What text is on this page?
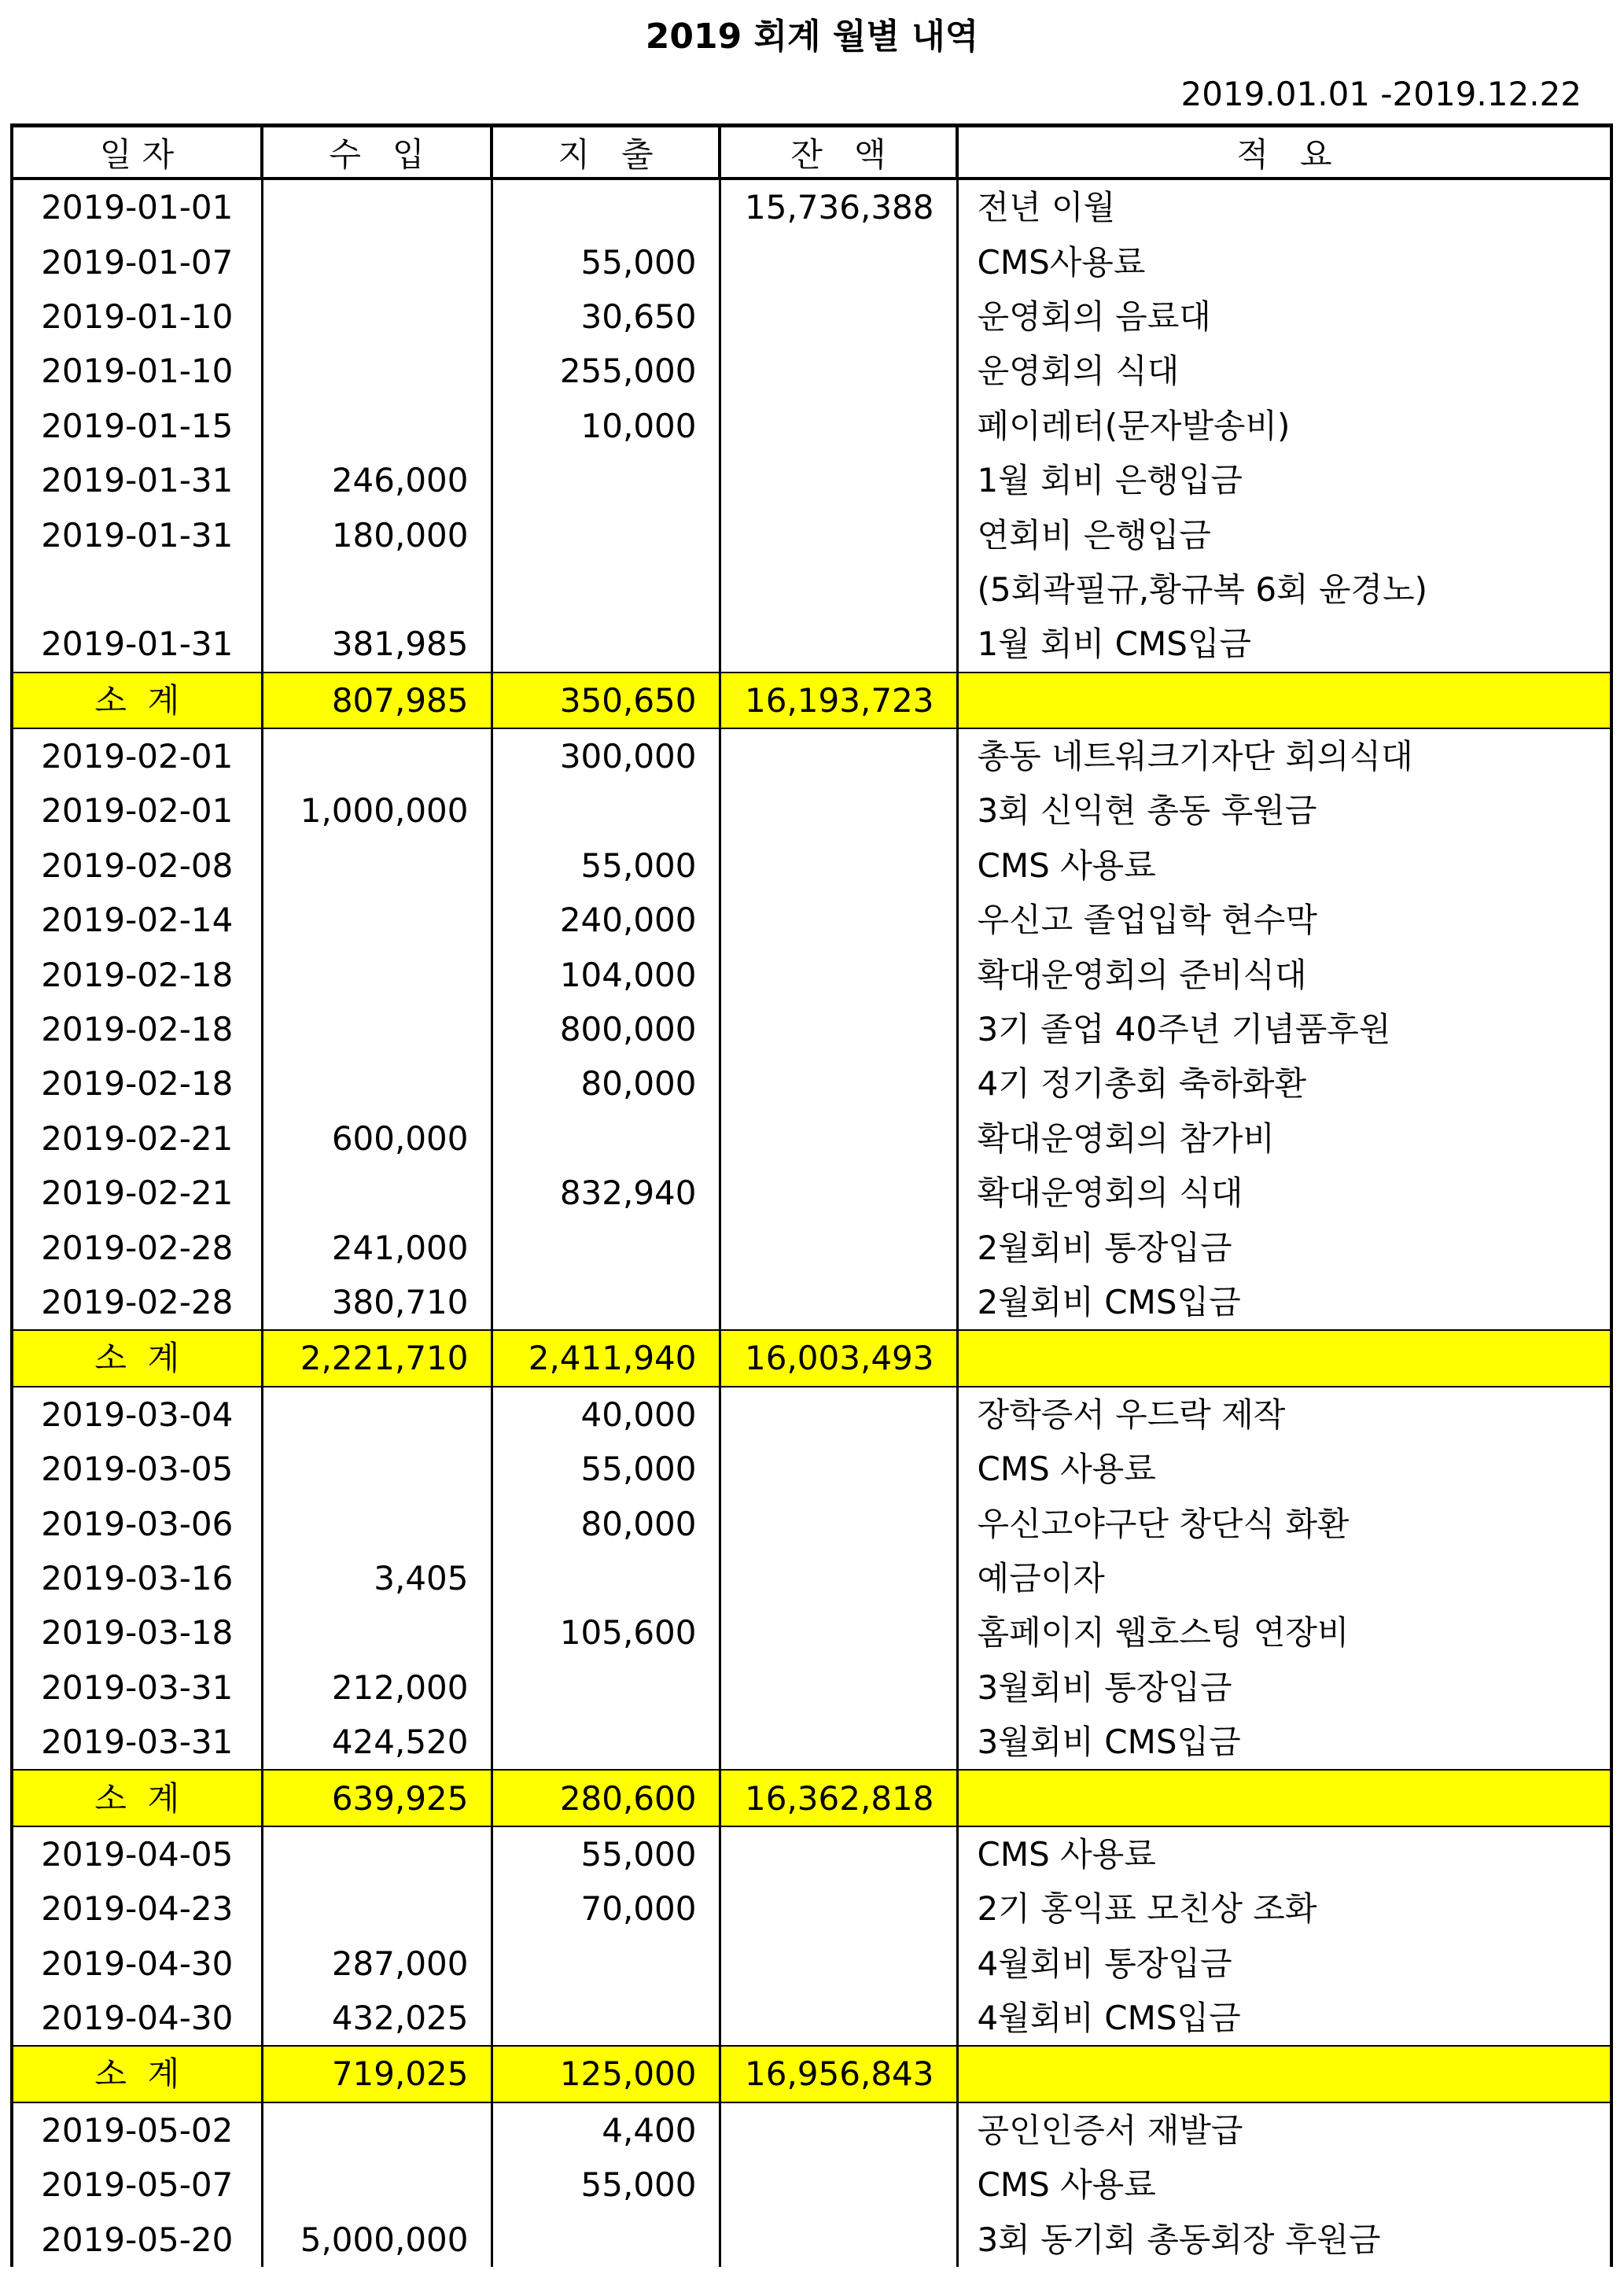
2019 회계 월별 내역
2019.01.01 -2019.12.22
일 자	수   입	지   출	잔   액	적   요
2019-01-01			15,736,388	전년 이월
2019-01-07		55,000		CMS사용료
2019-01-10		30,650		운영회의 음료대
2019-01-10		255,000		운영회의 식대
2019-01-15		10,000		페이레터(문자발송비)
2019-01-31	246,000			1월 회비 은행입금
2019-01-31	180,000			연회비 은행입금
				(5회곽필규,황규복 6회 윤경노)
2019-01-31	381,985			1월 회비 CMS입금
소  계	807,985	350,650	16,193,723	
2019-02-01		300,000		총동 네트워크기자단 회의식대
2019-02-01	1,000,000			3회 신익현 총동 후원금
2019-02-08		55,000		CMS 사용료
2019-02-14		240,000		우신고 졸업입학 현수막
2019-02-18		104,000		확대운영회의 준비식대
2019-02-18		800,000		3기 졸업 40주년 기념품후원
2019-02-18		80,000		4기 정기총회 축하화환
2019-02-21	600,000			확대운영회의 참가비
2019-02-21		832,940		확대운영회의 식대
2019-02-28	241,000			2월회비 통장입금
2019-02-28	380,710			2월회비 CMS입금
소  계	2,221,710	2,411,940	16,003,493	
2019-03-04		40,000		장학증서 우드락 제작
2019-03-05		55,000		CMS 사용료
2019-03-06		80,000		우신고야구단 창단식 화환
2019-03-16	3,405			예금이자
2019-03-18		105,600		홈페이지 웹호스팅 연장비
2019-03-31	212,000			3월회비 통장입금
2019-03-31	424,520			3월회비 CMS입금
소  계	639,925	280,600	16,362,818	
2019-04-05		55,000		CMS 사용료
2019-04-23		70,000		2기 홍익표 모친상 조화
2019-04-30	287,000			4월회비 통장입금
2019-04-30	432,025			4월회비 CMS입금
소  계	719,025	125,000	16,956,843	
2019-05-02		4,400		공인인증서 재발급
2019-05-07		55,000		CMS 사용료
2019-05-20	5,000,000			3회 동기회 총동회장 후원금
